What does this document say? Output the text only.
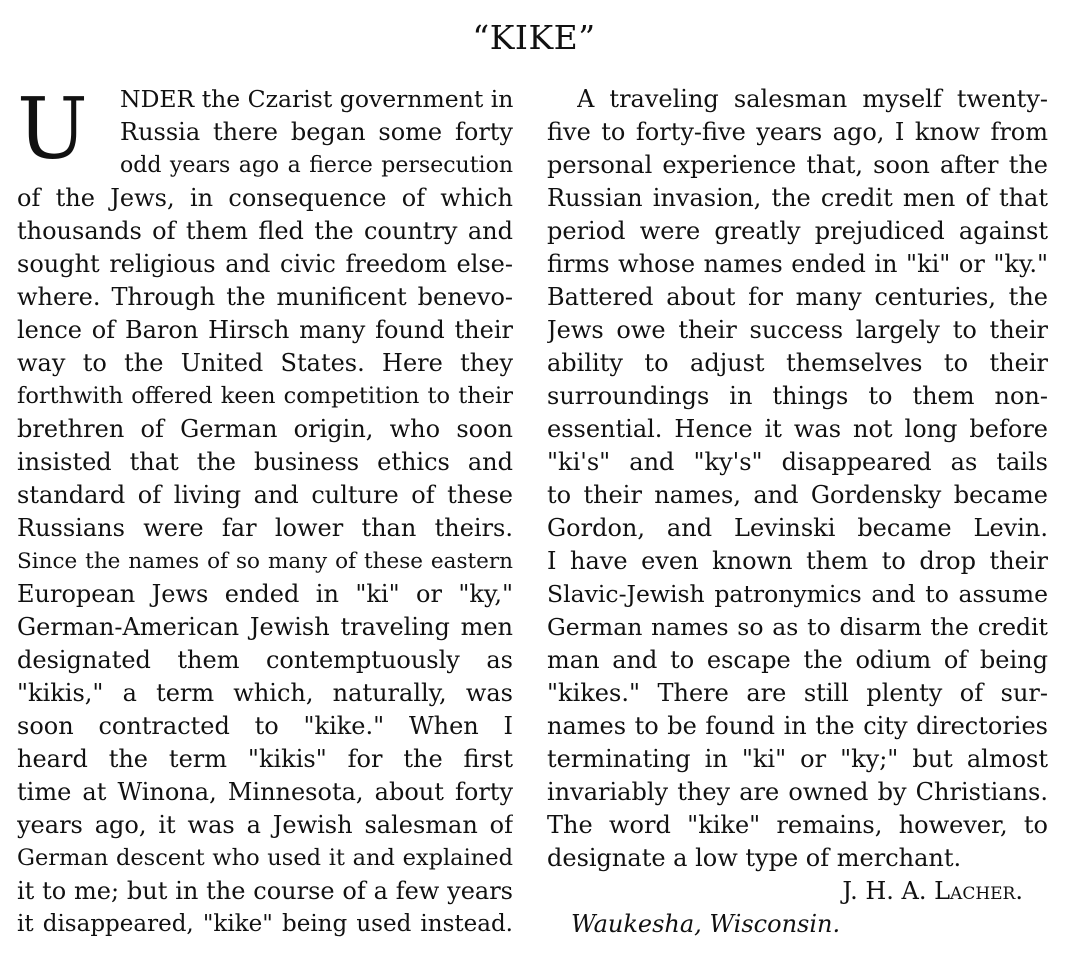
“KIKE”
U	NDER the Czarist government in
Russia there began some forty
odd years ago a fierce persecution
of the Jews, in consequence of which
thousands of them fled the country and
sought religious and civic freedom else-
where. Through the munificent benevo-
lence of Baron Hirsch many found their
way to the United States. Here they
forthwith offered keen competition to their
brethren of German origin, who soon
insisted that the business ethics and
standard of living and culture of these
Russians were far lower than theirs.
Since the names of so many of these eastern
European Jews ended in "ki" or "ky,"
German-American Jewish traveling men
designated them contemptuously as
"kikis," a term which, naturally, was
soon contracted to "kike." When I
heard the term "kikis" for the first
time at Winona, Minnesota, about forty
years ago, it was a Jewish salesman of
German descent who used it and explained
it to me; but in the course of a few years
it disappeared, "kike" being used instead.
A traveling salesman myself twenty-
five to forty-five years ago, I know from
personal experience that, soon after the
Russian invasion, the credit men of that
period were greatly prejudiced against
firms whose names ended in "ki" or "ky."
Battered about for many centuries, the
Jews owe their success largely to their
ability to adjust themselves to their
surroundings in things to them non-
essential. Hence it was not long before
"ki's" and "ky's" disappeared as tails
to their names, and Gordensky became
Gordon, and Levinski became Levin.
I have even known them to drop their
Slavic-Jewish patronymics and to assume
German names so as to disarm the credit
man and to escape the odium of being
"kikes." There are still plenty of sur-
names to be found in the city directories
terminating in "ki" or "ky;" but almost
invariably they are owned by Christians.
The word "kike" remains, however, to
designate a low type of merchant.
J. H. A. Lacher.
Waukesha, Wisconsin.
